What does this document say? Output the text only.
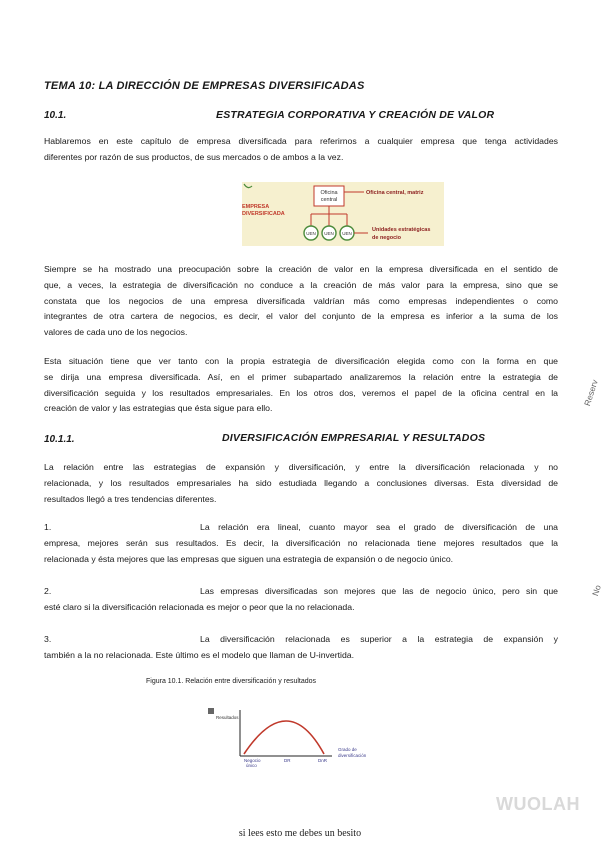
TEMA 10: LA DIRECCIÓN DE EMPRESAS DIVERSIFICADAS
10.1.	ESTRATEGIA CORPORATIVA Y CREACIÓN DE VALOR
Hablaremos en este capítulo de empresa diversificada para referirnos a cualquier empresa que tenga actividades
diferentes por razón de sus productos, de sus mercados o de ambos a la vez.
Oficina
central
Oficina central, matriz
EMPRESA
DIVERSIFICADA
UEN UEN UEN
Unidades estratégicas
de negocio
Siempre se ha mostrado una preocupación sobre la creación de valor en la empresa diversificada en el sentido de
que, a veces, la estrategia de diversificación no conduce a la creación de más valor para la empresa, sino que se
constata que los negocios de una empresa diversificada valdrían más como empresas independientes o como
integrantes de otra cartera de negocios, es decir, el valor del conjunto de la empresa es inferior a la suma de los
valores de cada uno de los negocios.
Esta situación tiene que ver tanto con la propia estrategia de diversificación elegida como con la forma en que
se dirija una empresa diversificada. Así, en el primer subapartado analizaremos la relación entre la estrategia de
diversificación seguida y los resultados empresariales. En los otros dos, veremos el papel de la oficina central en la
creación de valor y las estrategias que ésta sigue para ello.
10.1.1.	DIVERSIFICACIÓN EMPRESARIAL Y RESULTADOS
La relación entre las estrategias de expansión y diversificación, y entre la diversificación relacionada y no
relacionada, y los resultados empresariales ha sido estudiada llegando a conclusiones diversas. Esta diversidad de
resultados llegó a tres tendencias diferentes.
1.	La relación era lineal, cuanto mayor sea el grado de diversificación de una
empresa, mejores serán sus resultados. Es decir, la diversificación no relacionada tiene mejores resultados que la
relacionada y ésta mejores que las empresas que siguen una estrategia de expansión o de negocio único.
2.	Las empresas diversificadas son mejores que las de negocio único, pero sin que
esté claro si la diversificación relacionada es mejor o peor que la no relacionada.
3.	La diversificación relacionada es superior a la estrategia de expansión y
también a la no relacionada. Este último es el modelo que llaman de U-invertida.
Figura 10.1. Relación entre diversificación y resultados
Resultados
Grado de
diversificación
Negocio
único
DR	DnR
Reserv
No
WUOLAH
si lees esto me debes un besito
